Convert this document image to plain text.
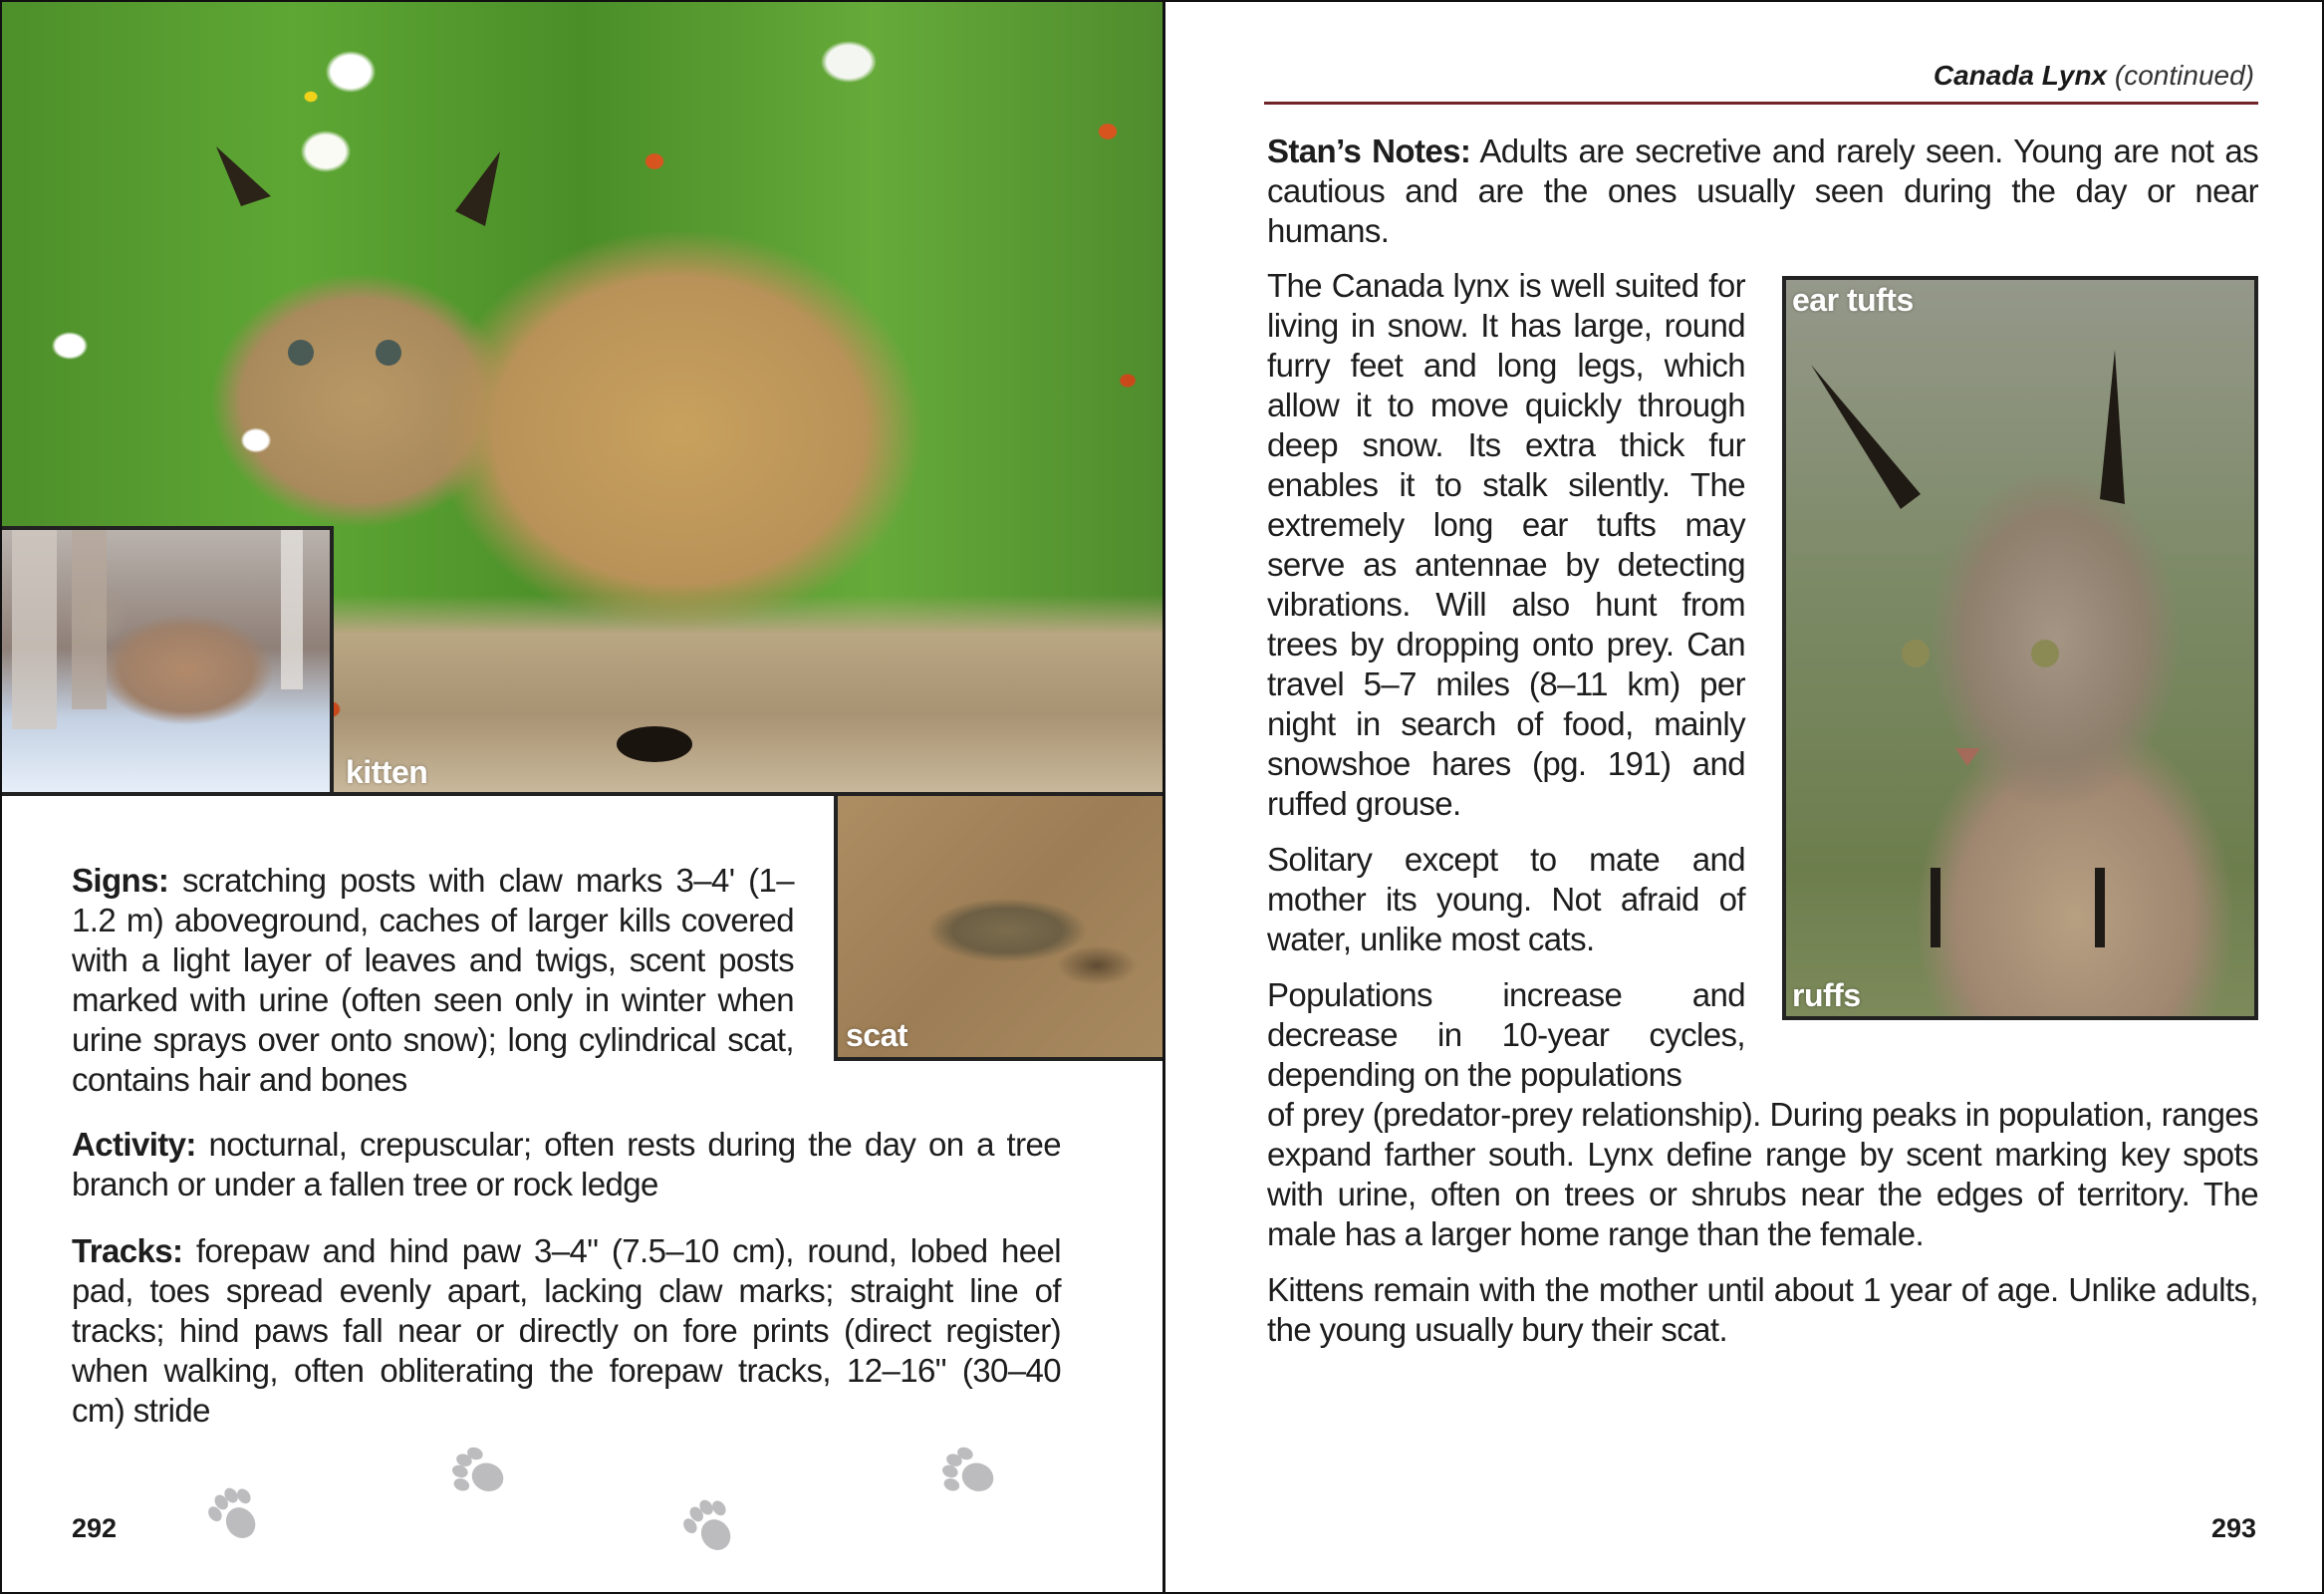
kitten
scat

Signs: scratching posts with claw marks 3–4' (1–1.2 m) aboveground, caches of larger kills covered with a light layer of leaves and twigs, scent posts marked with urine (often seen only in winter when urine sprays over onto snow); long cylindrical scat, contains hair and bones

Activity: nocturnal, crepuscular; often rests during the day on a tree branch or under a fallen tree or rock ledge

Tracks: forepaw and hind paw 3–4" (7.5–10 cm), round, lobed heel pad, toes spread evenly apart, lacking claw marks; straight line of tracks; hind paws fall near or directly on fore prints (direct register) when walking, often obliterating the forepaw tracks, 12–16" (30–40 cm) stride

292
Canada Lynx (continued)

Stan’s Notes: Adults are secretive and rarely seen. Young are not as cautious and are the ones usually seen during the day or near humans.

The Canada lynx is well suited for living in snow. It has large, round furry feet and long legs, which allow it to move quickly through deep snow. Its extra thick fur enables it to stalk silently. The extremely long ear tufts may serve as antennae by detecting vibrations. Will also hunt from trees by dropping onto prey. Can travel 5–7 miles (8–11 km) per night in search of food, mainly snowshoe hares (pg. 191) and ruffed grouse.

Solitary except to mate and mother its young. Not afraid of water, unlike most cats.

Populations increase and decrease in 10-year cycles, depending on the populations

ear tufts
ruffs

of prey (predator-prey relationship). During peaks in population, ranges expand farther south. Lynx define range by scent marking key spots with urine, often on trees or shrubs near the edges of territory. The male has a larger home range than the female.

Kittens remain with the mother until about 1 year of age. Unlike adults, the young usually bury their scat.

293
